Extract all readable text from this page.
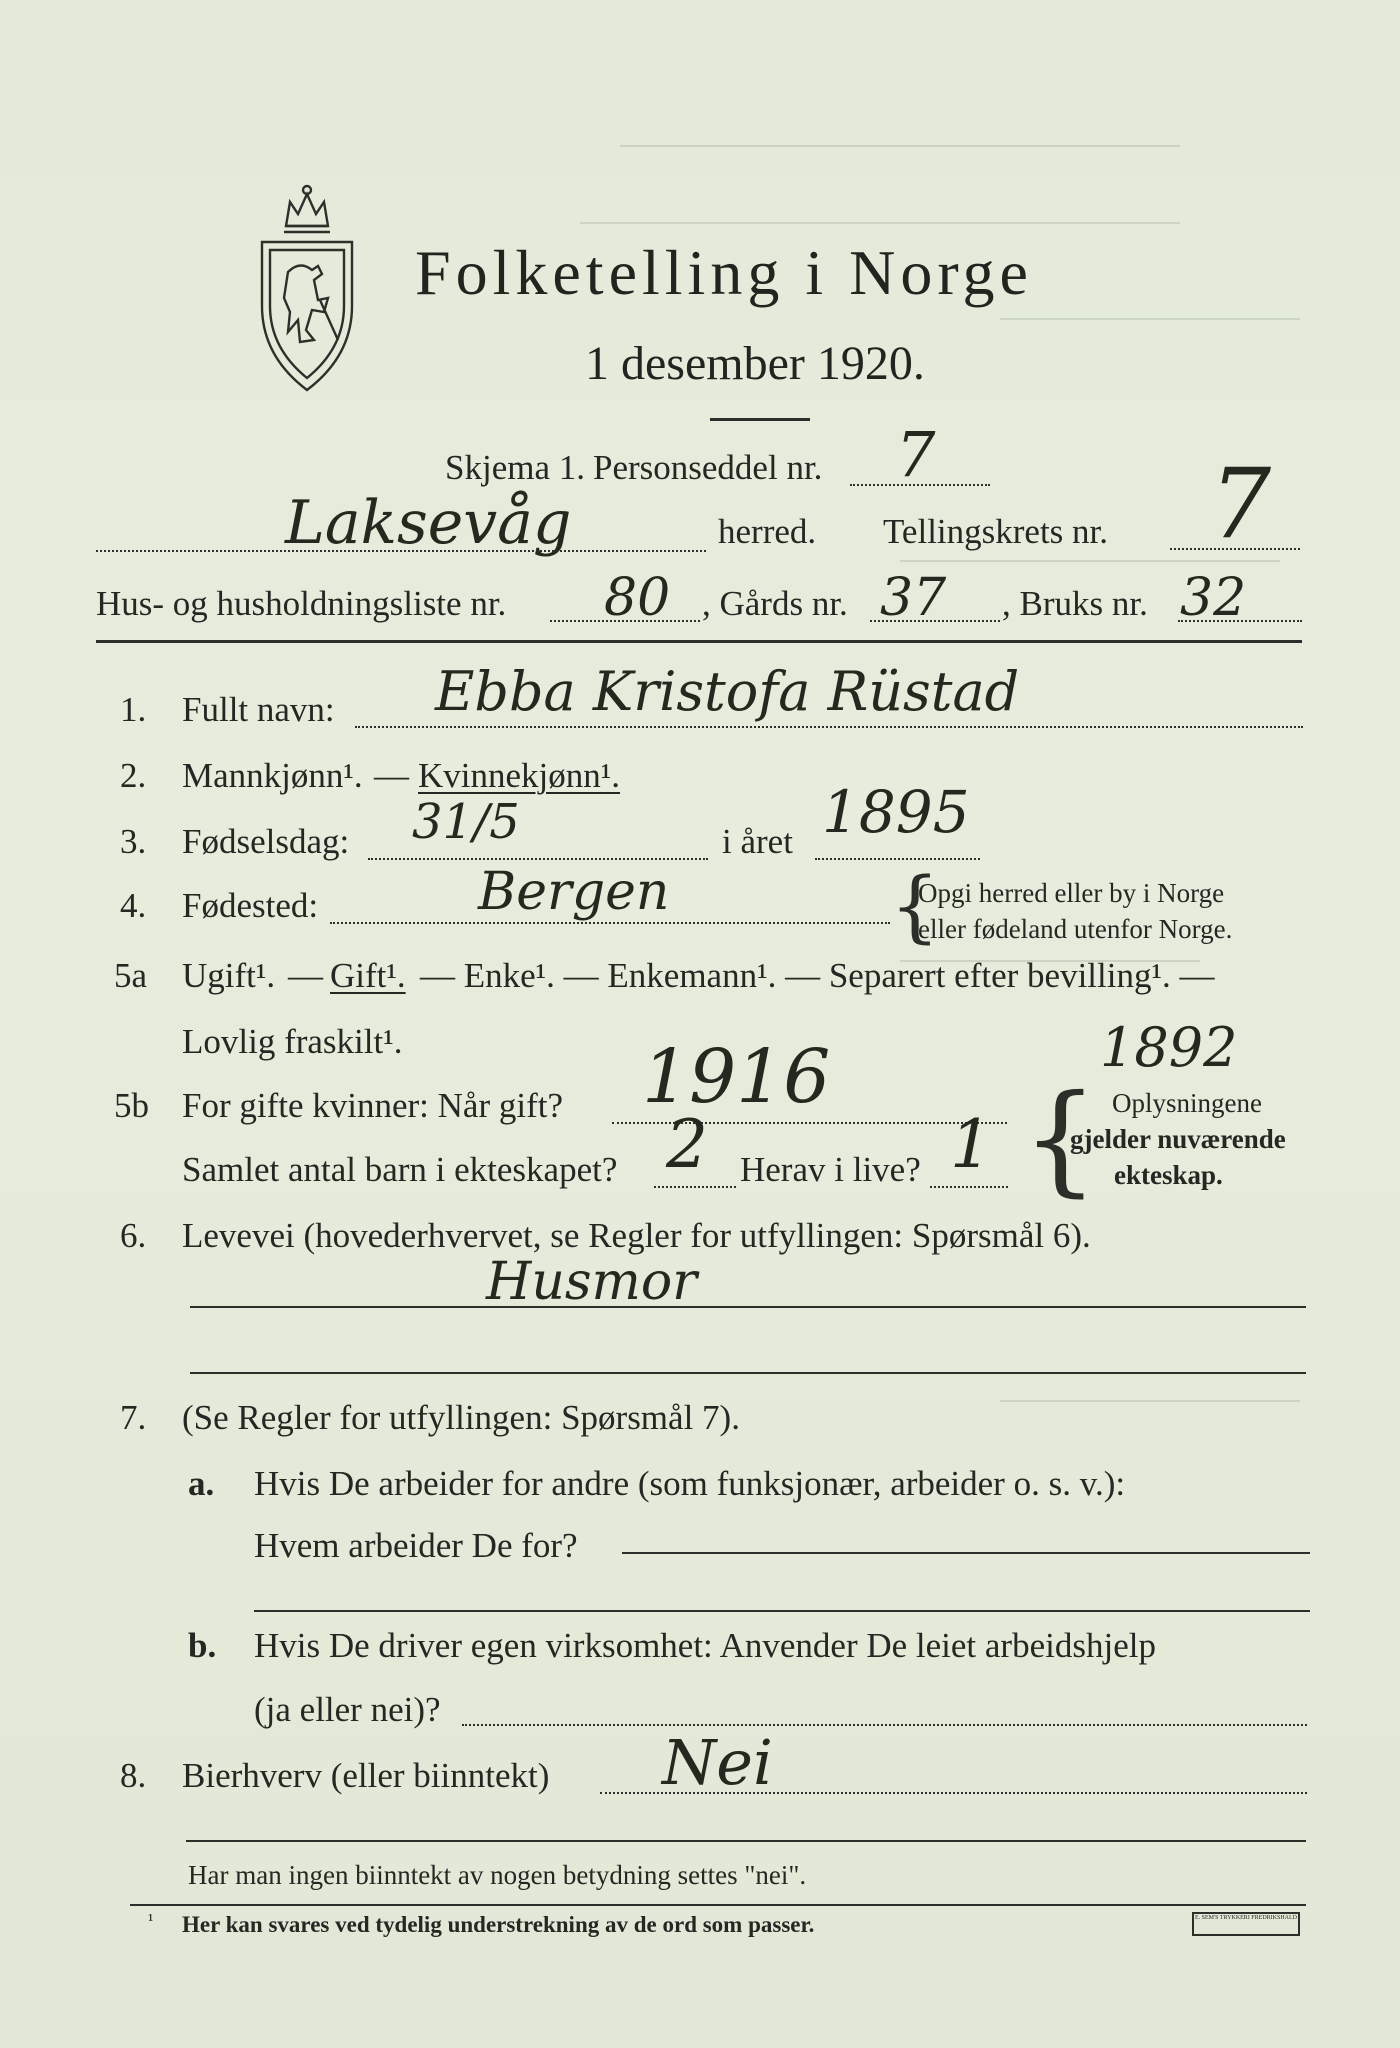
Folketelling i Norge
1 desember 1920.
Skjema 1. Personseddel nr. 7
Laksevåg	herred. Tellingskrets nr. 7
Hus- og husholdningsliste nr. 80 , Gårds nr. 37 , Bruks nr. 32
1. Fullt navn: Ebba Kristofa Rüstad
2. Mannkjønn¹. — Kvinnekjønn¹.
3. Fødselsdag: 31/5	i året 1895
4. Fødested:	Bergen	{
Opgi herred eller by i Norge
eller fødeland utenfor Norge.
5a Ugift¹. — Gift¹. — Enke¹. — Enkemann¹. — Separert efter bevilling¹. —
Lovlig fraskilt¹.	1892
5b For gifte kvinner: Når gift? 1916
Samlet antal barn i ekteskapet? 2 Herav i live? 1 { Oplysningene
gjelder nuværende
ekteskap.
6. Levevei (hovederhvervet, se Regler for utfyllingen: Spørsmål 6).
Husmor
7. (Se Regler for utfyllingen: Spørsmål 7).
a. Hvis De arbeider for andre (som funksjonær, arbeider o. s. v.):
Hvem arbeider De for?
b. Hvis De driver egen virksomhet: Anvender De leiet arbeidshjelp
(ja eller nei)?
8. Bierhverv (eller biinntekt) Nei
Har man ingen biinntekt av nogen betydning settes "nei".
¹ Her kan svares ved tydelig understrekning av de ord som passer.	E. SEM'S TRYKKERI FREDRIKSHALD
